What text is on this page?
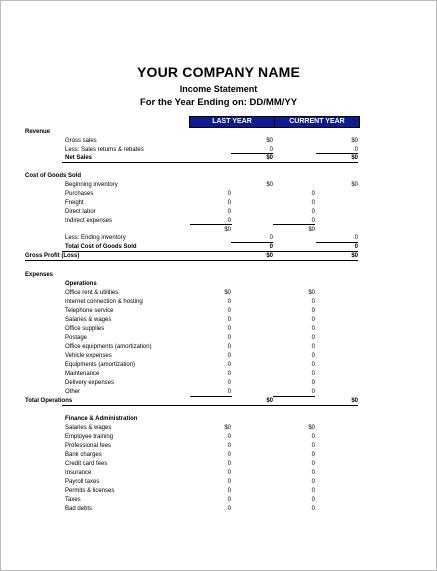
YOUR COMPANY NAME
Income Statement
For the Year Ending on: DD/MM/YY
LAST YEAR	CURRENT YEAR
Revenue
Gross sales	$0	$0
Less: Sales returns & rebates	0	0
Net Sales	$0	$0
Cost of Goods Sold
Beginning inventory	$0	$0
Purchases	0	0
Freight	0	0
Direct labor	0	0
Indirect expenses	0	0
$0	$0
Less: Ending inventory	0	0
Total Cost of Goods Sold	0	0
Gross Profit (Loss)	$0	$0
Expenses
Operations
Office rent & utilities	$0	$0
Internet connection & hosting	0	0
Telephone service	0	0
Salaries & wages	0	0
Office supplies	0	0
Postage	0	0
Office equipments (amortization)	0	0
Vehicle expenses	0	0
Equipments (amortization)	0	0
Maintenance	0	0
Delivery expenses	0	0
Other	0	0
Total Operations	$0	$0
Finance & Administration
Salaries & wages	$0	$0
Employee training	0	0
Professional fees	0	0
Bank charges	0	0
Credit card fees	0	0
Insurance	0	0
Payroll taxes	0	0
Permits & licenses	0	0
Taxes	0	0
Bad debts	0	0
